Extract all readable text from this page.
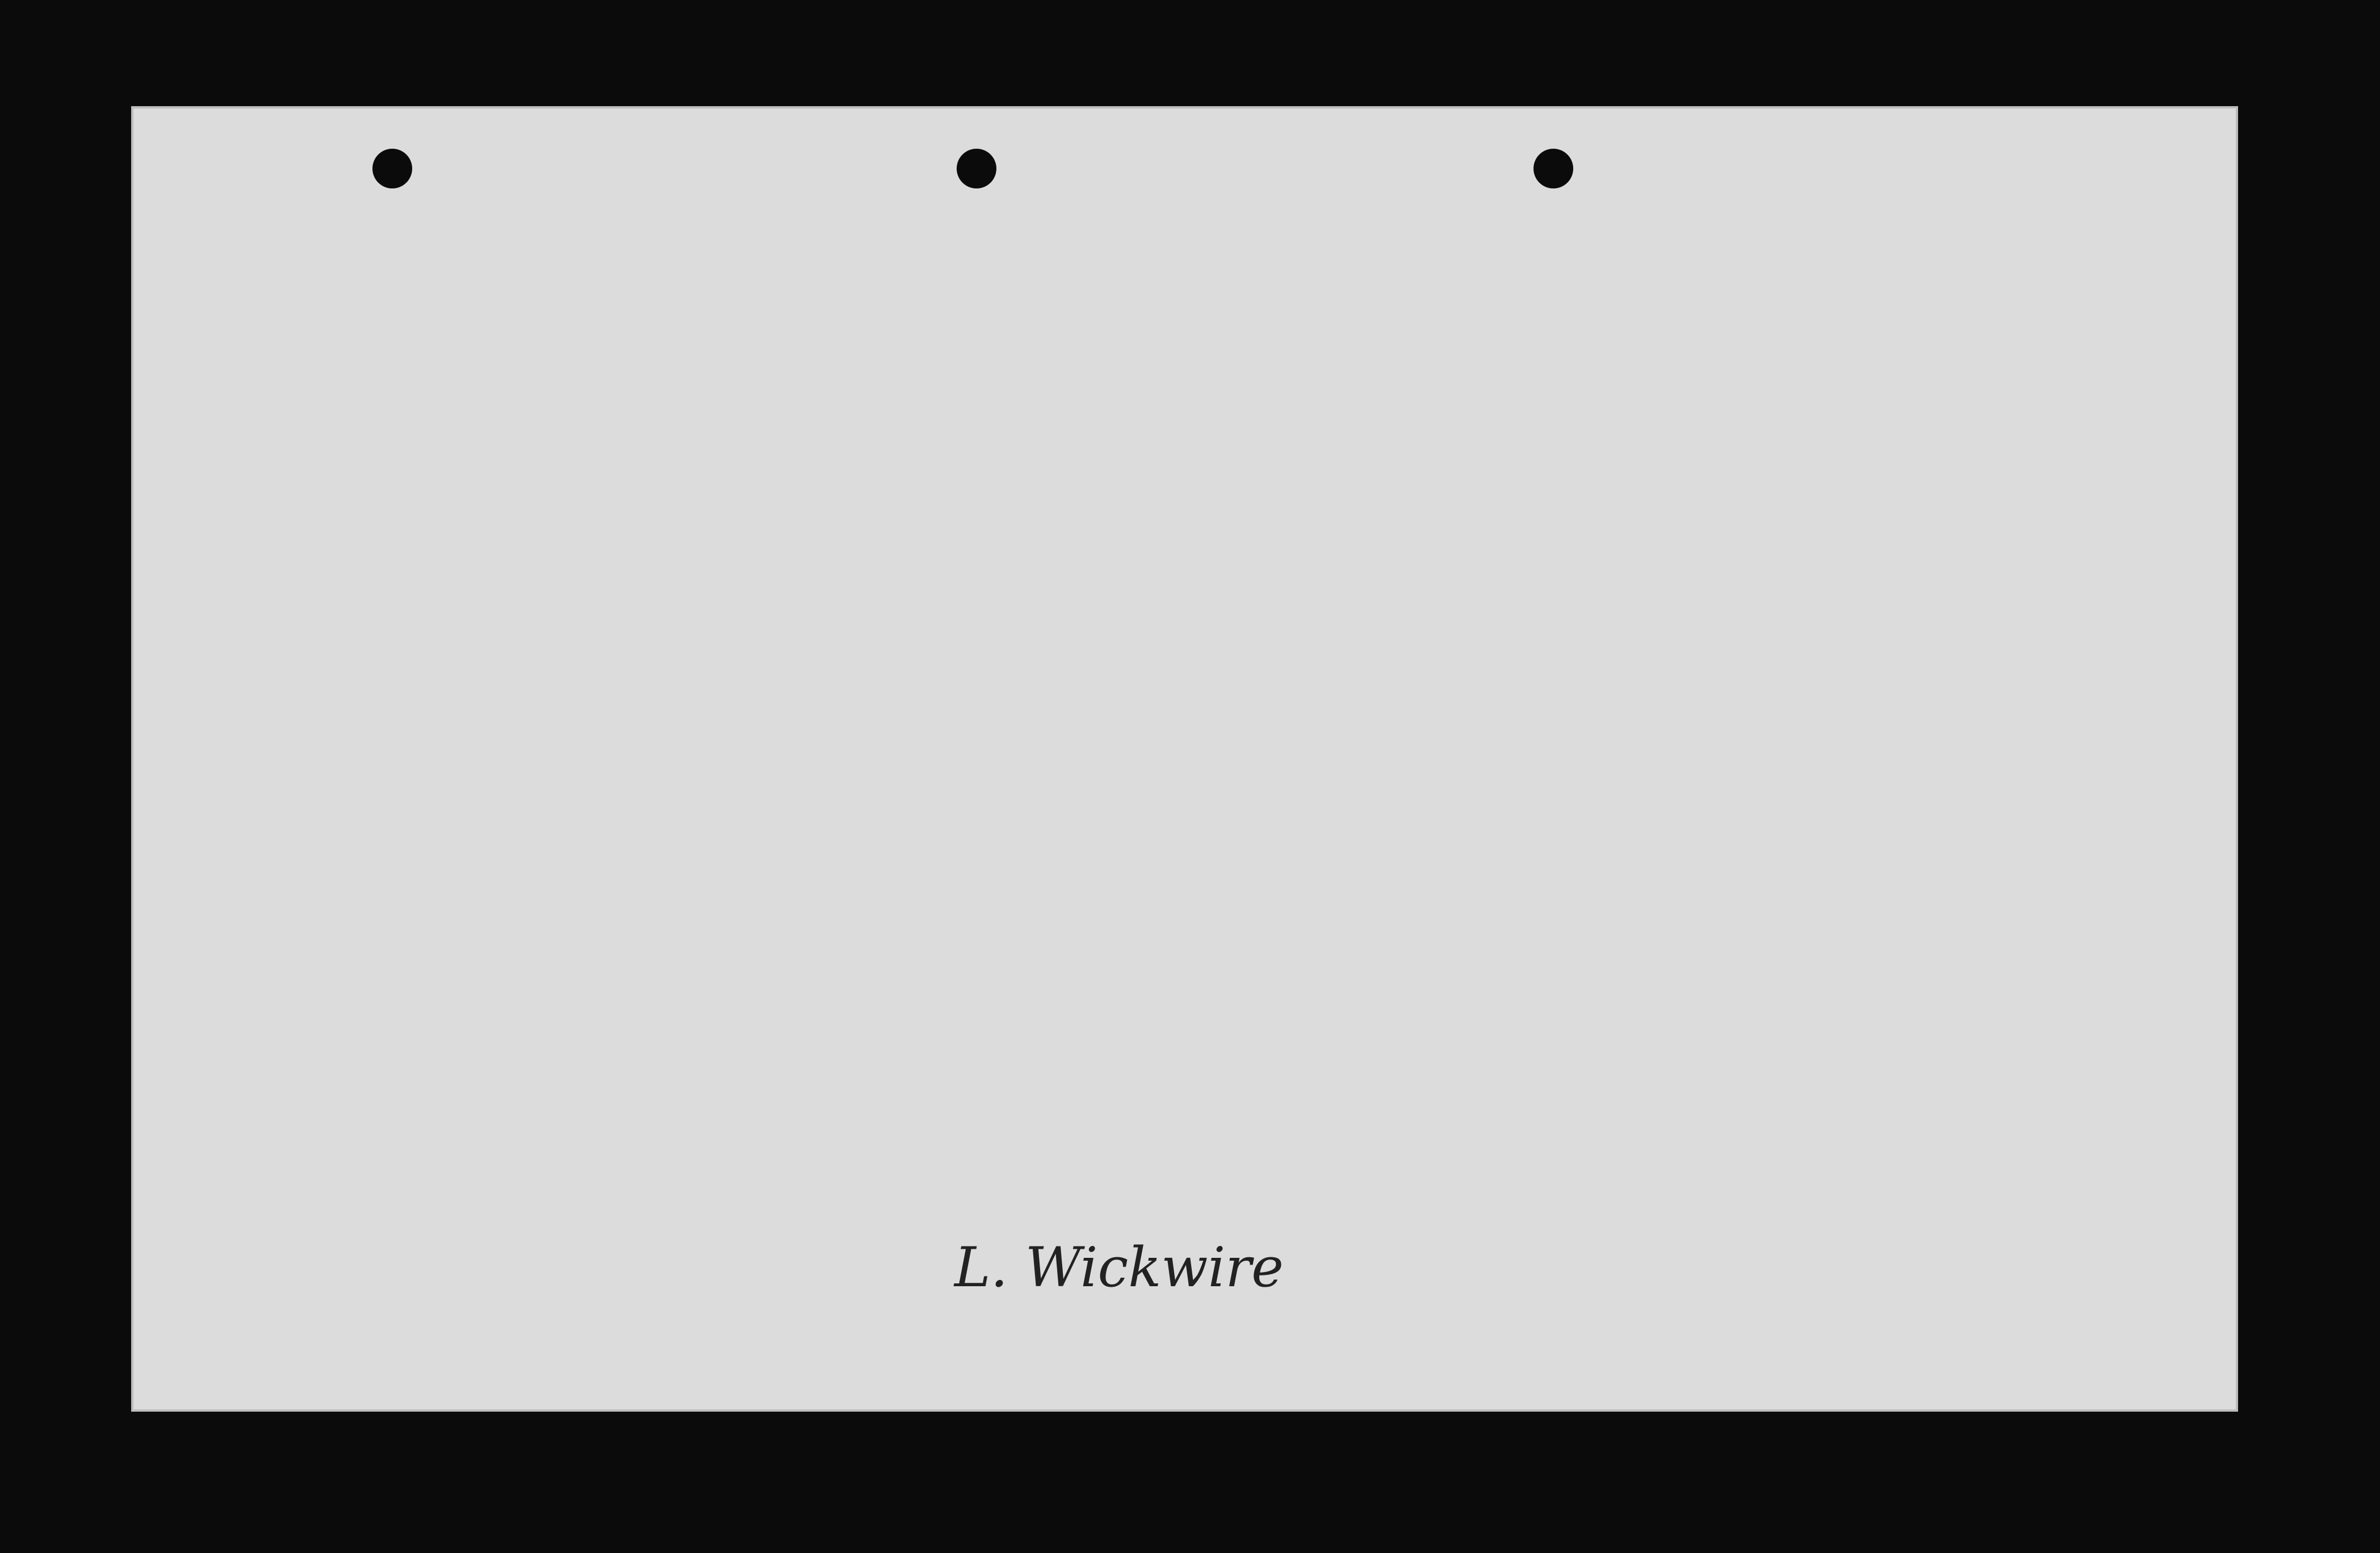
L. Wickwire
